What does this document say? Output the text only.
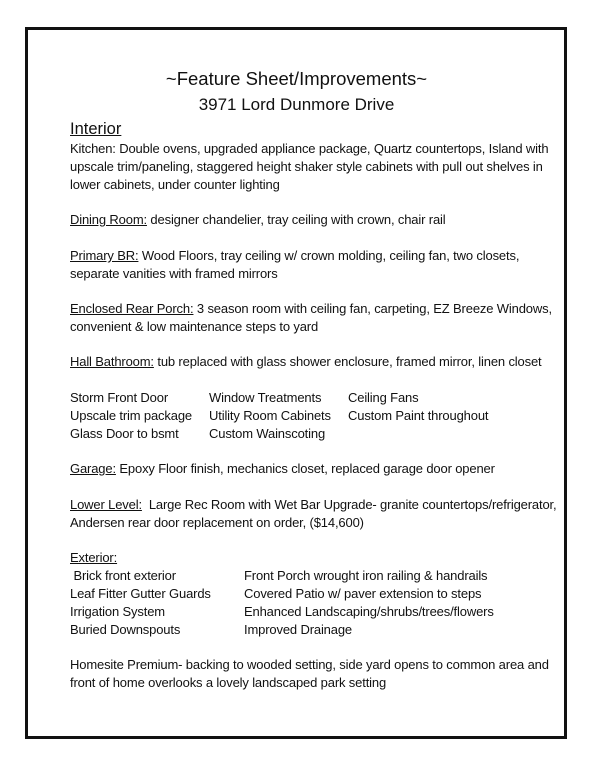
~Feature Sheet/Improvements~
3971 Lord Dunmore Drive
Interior
Kitchen: Double ovens, upgraded appliance package, Quartz countertops, Island with
upscale trim/paneling, staggered height shaker style cabinets with pull out shelves in
lower cabinets, under counter lighting
Dining Room: designer chandelier, tray ceiling with crown, chair rail
Primary BR: Wood Floors, tray ceiling w/ crown molding, ceiling fan, two closets,
separate vanities with framed mirrors
Enclosed Rear Porch: 3 season room with ceiling fan, carpeting, EZ Breeze Windows,
convenient & low maintenance steps to yard
Hall Bathroom: tub replaced with glass shower enclosure, framed mirror, linen closet
Storm Front Door
Upscale trim package
Glass Door to bsmt
Window Treatments
Utility Room Cabinets
Custom Wainscoting
Ceiling Fans
Custom Paint throughout
Garage: Epoxy Floor finish, mechanics closet, replaced garage door opener
Lower Level:  Large Rec Room with Wet Bar Upgrade- granite countertops/refrigerator,
Andersen rear door replacement on order, ($14,600)
Exterior:
Brick front exterior
Leaf Fitter Gutter Guards
Irrigation System
Buried Downspouts
Front Porch wrought iron railing & handrails
Covered Patio w/ paver extension to steps
Enhanced Landscaping/shrubs/trees/flowers
Improved Drainage
Homesite Premium- backing to wooded setting, side yard opens to common area and
front of home overlooks a lovely landscaped park setting
